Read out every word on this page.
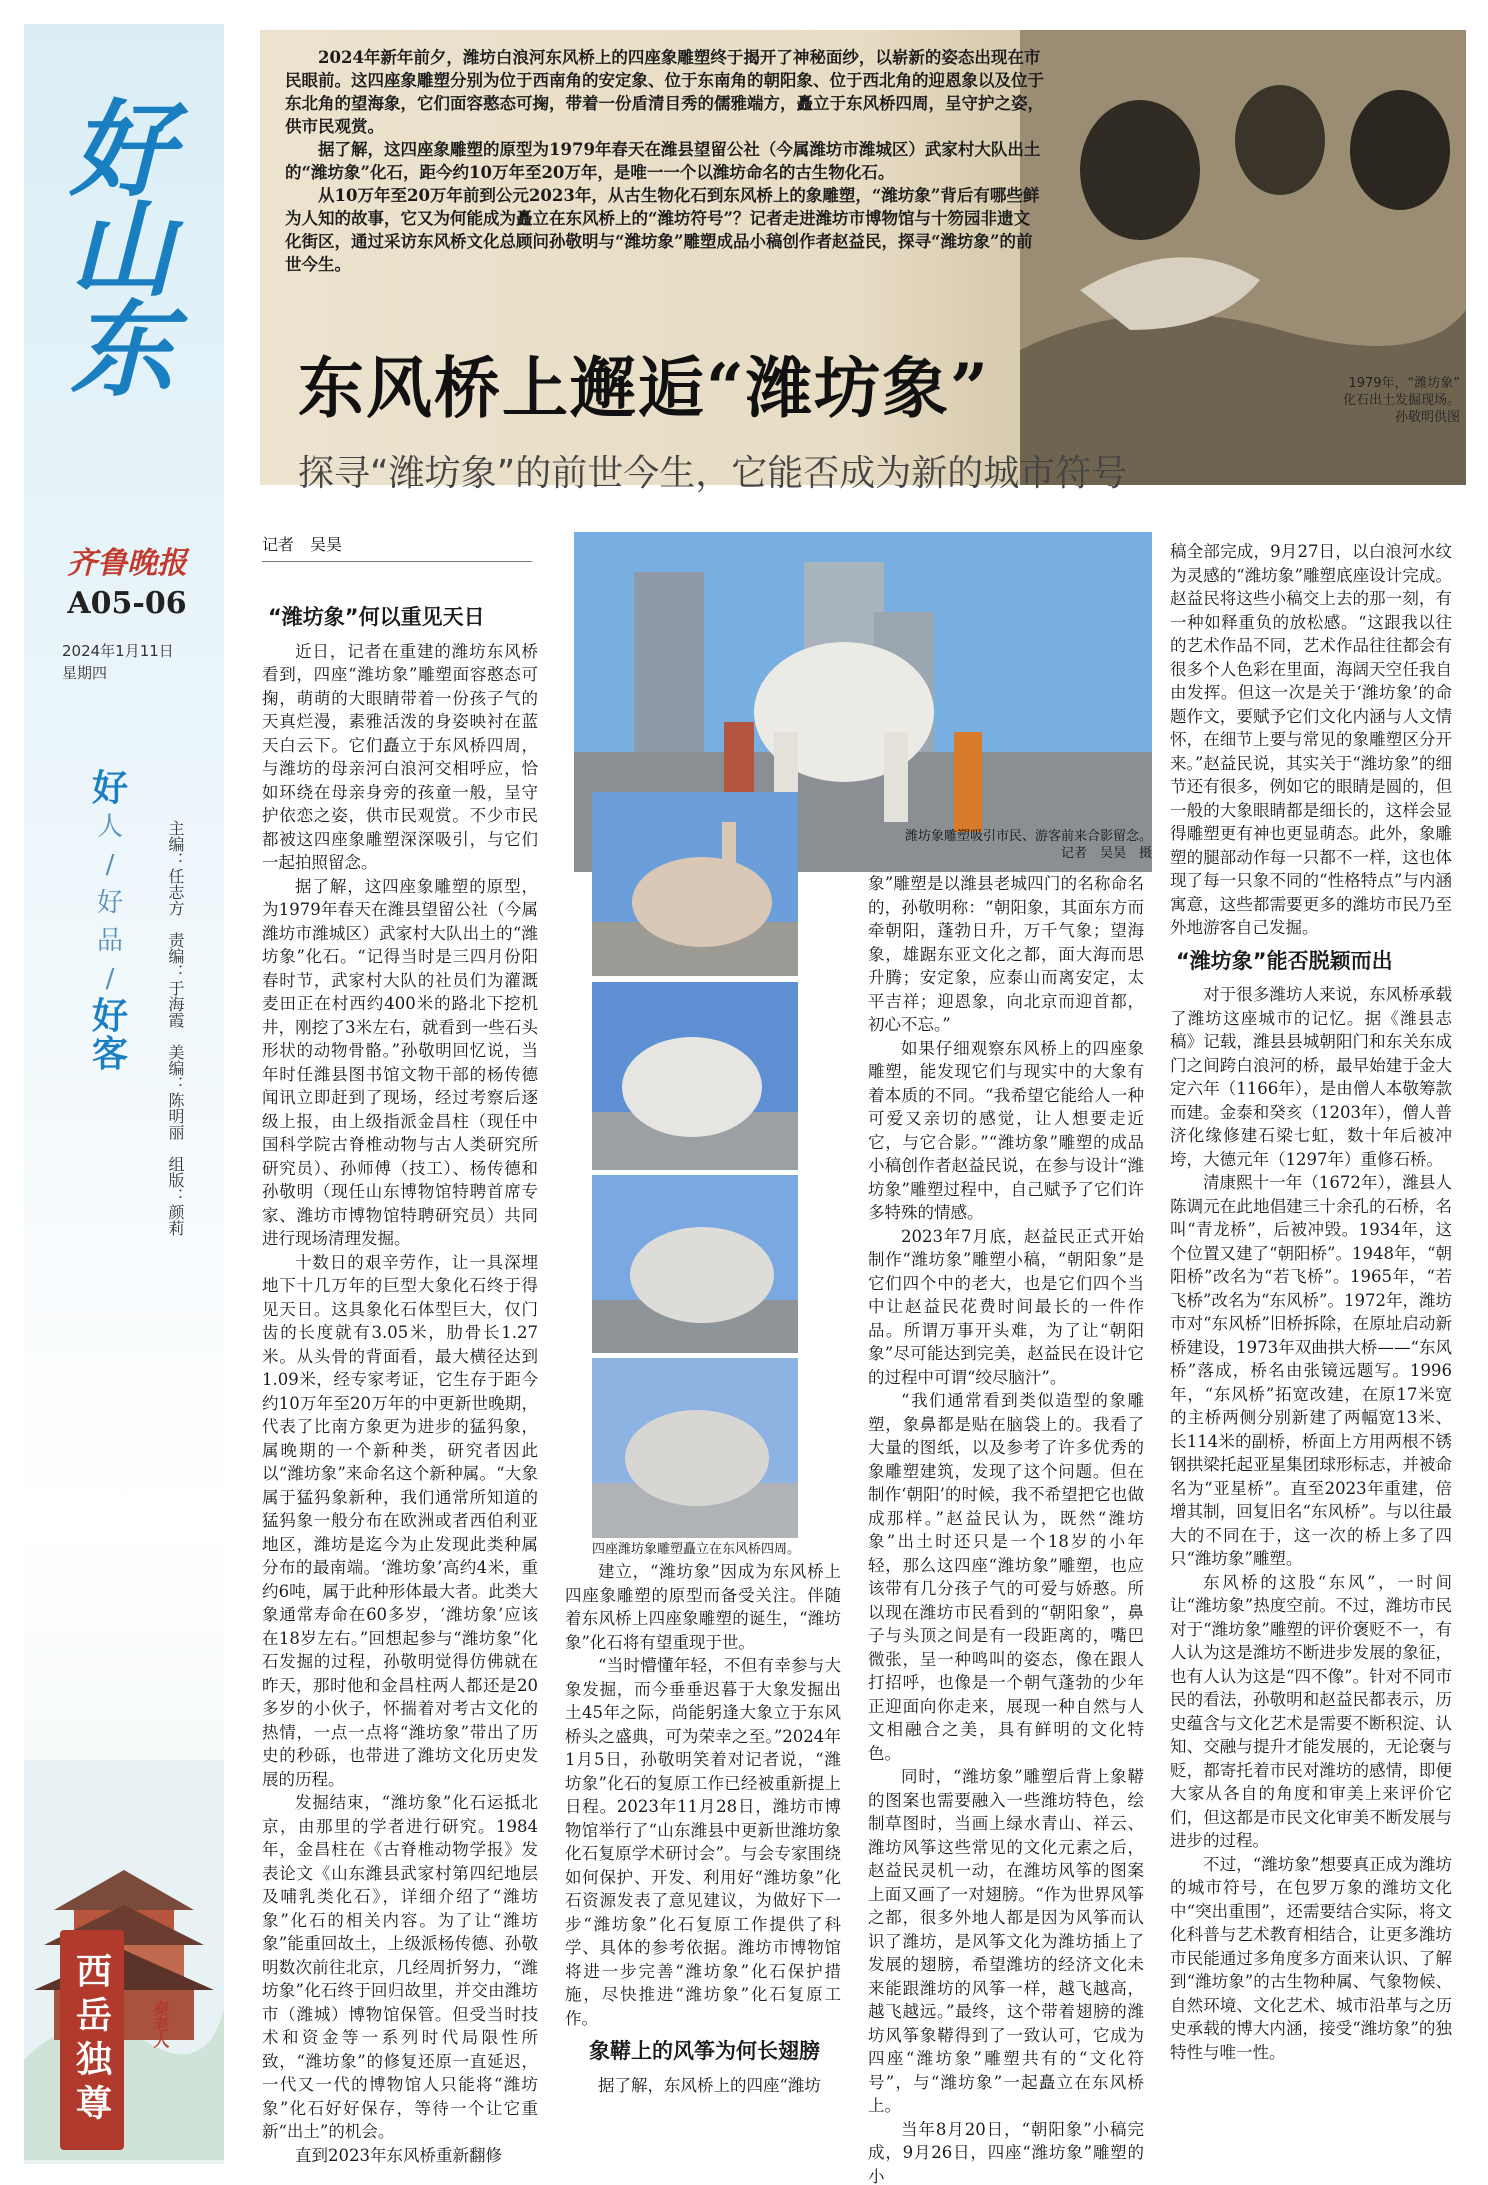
好山东
齐鲁晚报
A05-06
2024年1月11日
星期四
好
人
/
好
品
/
好
客	主编：任志方　责编：于海霞　美编：陈明丽　组版：颜莉
西岳独尊	秦老人

2024年新年前夕，潍坊白浪河东风桥上的四座象雕塑终于揭开了神秘面纱，以崭新的姿态出现在市民眼前。这四座象雕塑分别为位于西南角的安定象、位于东南角的朝阳象、位于西北角的迎恩象以及位于东北角的望海象，它们面容憨态可掬，带着一份盾清目秀的儒雅端方，矗立于东风桥四周，呈守护之姿，供市民观赏。

据了解，这四座象雕塑的原型为1979年春天在潍县望留公社（今属潍坊市潍城区）武家村大队出土的“潍坊象”化石，距今约10万年至20万年，是唯一一个以潍坊命名的古生物化石。

从10万年至20万年前到公元2023年，从古生物化石到东风桥上的象雕塑，“潍坊象”背后有哪些鲜为人知的故事，它又为何能成为矗立在东风桥上的“潍坊符号”？记者走进潍坊市博物馆与十笏园非遗文化街区，通过采访东风桥文化总顾问孙敬明与“潍坊象”雕塑成品小稿创作者赵益民，探寻“潍坊象”的前世今生。

东风桥上邂逅“潍坊象”
探寻“潍坊象”的前世今生，它能否成为新的城市符号
1979年，“潍坊象”
化石出土发掘现场。
孙敬明供图
记者　吴昊
“潍坊象”何以重见天日

近日，记者在重建的潍坊东风桥看到，四座“潍坊象”雕塑面容憨态可掬，萌萌的大眼睛带着一份孩子气的天真烂漫，素雅活泼的身姿映衬在蓝天白云下。它们矗立于东风桥四周，与潍坊的母亲河白浪河交相呼应，恰如环绕在母亲身旁的孩童一般，呈守护依恋之姿，供市民观赏。不少市民都被这四座象雕塑深深吸引，与它们一起拍照留念。

据了解，这四座象雕塑的原型，为1979年春天在潍县望留公社（今属潍坊市潍城区）武家村大队出土的“潍坊象”化石。“记得当时是三四月份阳春时节，武家村大队的社员们为灌溉麦田正在村西约400米的路北下挖机井，刚挖了3米左右，就看到一些石头形状的动物骨骼。”孙敬明回忆说，当年时任潍县图书馆文物干部的杨传德闻讯立即赶到了现场，经过考察后逐级上报，由上级指派金昌柱（现任中国科学院古脊椎动物与古人类研究所研究员）、孙师傅（技工）、杨传德和孙敬明（现任山东博物馆特聘首席专家、潍坊市博物馆特聘研究员）共同进行现场清理发掘。

十数日的艰辛劳作，让一具深埋地下十几万年的巨型大象化石终于得见天日。这具象化石体型巨大，仅门齿的长度就有3.05米，肋骨长1.27米。从头骨的背面看，最大横径达到1.09米，经专家考证，它生存于距今约10万年至20万年的中更新世晚期，代表了比南方象更为进步的猛犸象，属晚期的一个新种类，研究者因此以“潍坊象”来命名这个新种属。“大象属于猛犸象新种，我们通常所知道的猛犸象一般分布在欧洲或者西伯利亚地区，潍坊是迄今为止发现此类种属分布的最南端。‘潍坊象’高约4米，重约6吨，属于此种形体最大者。此类大象通常寿命在60多岁，‘潍坊象’应该在18岁左右。”回想起参与“潍坊象”化石发掘的过程，孙敬明觉得仿佛就在昨天，那时他和金昌柱两人都还是20多岁的小伙子，怀揣着对考古文化的热情，一点一点将“潍坊象”带出了历史的秒砾，也带进了潍坊文化历史发展的历程。

发掘结束，“潍坊象”化石运抵北京，由那里的学者进行研究。1984年，金昌柱在《古脊椎动物学报》发表论文《山东潍县武家村第四纪地层及哺乳类化石》，详细介绍了“潍坊象”化石的相关内容。为了让“潍坊象”能重回故土，上级派杨传德、孙敬明数次前往北京，几经周折努力，“潍坊象”化石终于回归故里，并交由潍坊市（潍城）博物馆保管。但受当时技术和资金等一系列时代局限性所致，“潍坊象”的修复还原一直延迟，一代又一代的博物馆人只能将“潍坊象”化石好好保存，等待一个让它重新“出土”的机会。

直到2023年东风桥重新翻修

潍坊象雕塑吸引市民、游客前来合影留念。
记者　吴昊　摄
四座潍坊象雕塑矗立在东风桥四周。

建立，“潍坊象”因成为东风桥上四座象雕塑的原型而备受关注。伴随着东风桥上四座象雕塑的诞生，“潍坊象”化石将有望重现于世。

“当时懵懂年轻，不但有幸参与大象发掘，而今垂垂迟暮于大象发掘出土45年之际，尚能躬逢大象立于东风桥头之盛典，可为荣幸之至。”2024年1月5日，孙敬明笑着对记者说，“潍坊象”化石的复原工作已经被重新提上日程。2023年11月28日，潍坊市博物馆举行了“山东潍县中更新世潍坊象化石复原学术研讨会”。与会专家围绕如何保护、开发、利用好“潍坊象”化石资源发表了意见建议，为做好下一步“潍坊象”化石复原工作提供了科学、具体的参考依据。潍坊市博物馆将进一步完善“潍坊象”化石保护措施，尽快推进“潍坊象”化石复原工作。

象鞯上的风筝为何长翅膀

据了解，东风桥上的四座“潍坊

象”雕塑是以潍县老城四门的名称命名的，孙敬明称：“朝阳象，其面东方而牵朝阳，蓬勃日升，万千气象；望海象，雄踞东亚文化之都，面大海而思升腾；安定象，应泰山而离安定，太平吉祥；迎恩象，向北京而迎首都，初心不忘。”

如果仔细观察东风桥上的四座象雕塑，能发现它们与现实中的大象有着本质的不同。“我希望它能给人一种可爱又亲切的感觉，让人想要走近它，与它合影。”“潍坊象”雕塑的成品小稿创作者赵益民说，在参与设计“潍坊象”雕塑过程中，自己赋予了它们许多特殊的情感。

2023年7月底，赵益民正式开始制作“潍坊象”雕塑小稿，“朝阳象”是它们四个中的老大，也是它们四个当中让赵益民花费时间最长的一件作品。所谓万事开头难，为了让“朝阳象”尽可能达到完美，赵益民在设计它的过程中可谓“绞尽脑汁”。

“我们通常看到类似造型的象雕塑，象鼻都是贴在脑袋上的。我看了大量的图纸，以及参考了许多优秀的象雕塑建筑，发现了这个问题。但在制作‘朝阳’的时候，我不希望把它也做成那样。”赵益民认为，既然“潍坊象”出土时还只是一个18岁的小年轻，那么这四座“潍坊象”雕塑，也应该带有几分孩子气的可爱与娇憨。所以现在潍坊市民看到的“朝阳象”，鼻子与头顶之间是有一段距离的，嘴巴微张，呈一种鸣叫的姿态，像在跟人打招呼，也像是一个朝气蓬勃的少年正迎面向你走来，展现一种自然与人文相融合之美，具有鲜明的文化特色。

同时，“潍坊象”雕塑后背上象鞯的图案也需要融入一些潍坊特色，绘制草图时，当画上绿水青山、祥云、潍坊风筝这些常见的文化元素之后，赵益民灵机一动，在潍坊风筝的图案上面又画了一对翅膀。“作为世界风筝之都，很多外地人都是因为风筝而认识了潍坊，是风筝文化为潍坊插上了发展的翅膀，希望潍坊的经济文化未来能跟潍坊的风筝一样，越飞越高，越飞越远。”最终，这个带着翅膀的潍坊风筝象鞯得到了一致认可，它成为四座“潍坊象”雕塑共有的“文化符号”，与“潍坊象”一起矗立在东风桥上。

当年8月20日，“朝阳象”小稿完成，9月26日，四座“潍坊象”雕塑的小

稿全部完成，9月27日，以白浪河水纹为灵感的“潍坊象”雕塑底座设计完成。赵益民将这些小稿交上去的那一刻，有一种如释重负的放松感。“这跟我以往的艺术作品不同，艺术作品往往都会有很多个人色彩在里面，海阔天空任我自由发挥。但这一次是关于‘潍坊象’的命题作文，要赋予它们文化内涵与人文情怀，在细节上要与常见的象雕塑区分开来。”赵益民说，其实关于“潍坊象”的细节还有很多，例如它的眼睛是圆的，但一般的大象眼睛都是细长的，这样会显得雕塑更有神也更显萌态。此外，象雕塑的腿部动作每一只都不一样，这也体现了每一只象不同的“性格特点”与内涵寓意，这些都需要更多的潍坊市民乃至外地游客自己发掘。

“潍坊象”能否脱颖而出

对于很多潍坊人来说，东风桥承载了潍坊这座城市的记忆。据《潍县志稿》记载，潍县县城朝阳门和东关东成门之间跨白浪河的桥，最早始建于金大定六年（1166年），是由僧人本敬筹款而建。金泰和癸亥（1203年），僧人普济化缘修建石梁七虹，数十年后被冲垮，大德元年（1297年）重修石桥。

清康熙十一年（1672年），潍县人陈调元在此地倡建三十余孔的石桥，名叫“青龙桥”，后被冲毁。1934年，这个位置又建了“朝阳桥”。1948年，“朝阳桥”改名为“若飞桥”。1965年，“若飞桥”改名为“东风桥”。1972年，潍坊市对“东风桥”旧桥拆除，在原址启动新桥建设，1973年双曲拱大桥——“东风桥”落成，桥名由张镜远题写。1996年，“东风桥”拓宽改建，在原17米宽的主桥两侧分别新建了两幅宽13米、长114米的副桥，桥面上方用两根不锈钢拱梁托起亚星集团球形标志，并被命名为“亚星桥”。直至2023年重建，倍增其制，回复旧名“东风桥”。与以往最大的不同在于，这一次的桥上多了四只“潍坊象”雕塑。

东风桥的这股“东风”，一时间让“潍坊象”热度空前。不过，潍坊市民对于“潍坊象”雕塑的评价褒贬不一，有人认为这是潍坊不断进步发展的象征，也有人认为这是“四不像”。针对不同市民的看法，孙敬明和赵益民都表示，历史蕴含与文化艺术是需要不断积淀、认知、交融与提升才能发展的，无论褒与贬，都寄托着市民对潍坊的感情，即便大家从各自的角度和审美上来评价它们，但这都是市民文化审美不断发展与进步的过程。

不过，“潍坊象”想要真正成为潍坊的城市符号，在包罗万象的潍坊文化中“突出重围”，还需要结合实际，将文化科普与艺术教育相结合，让更多潍坊市民能通过多角度多方面来认识、了解到“潍坊象”的古生物种属、气象物候、自然环境、文化艺术、城市沿革与之历史承载的博大内涵，接受“潍坊象”的独特性与唯一性。
